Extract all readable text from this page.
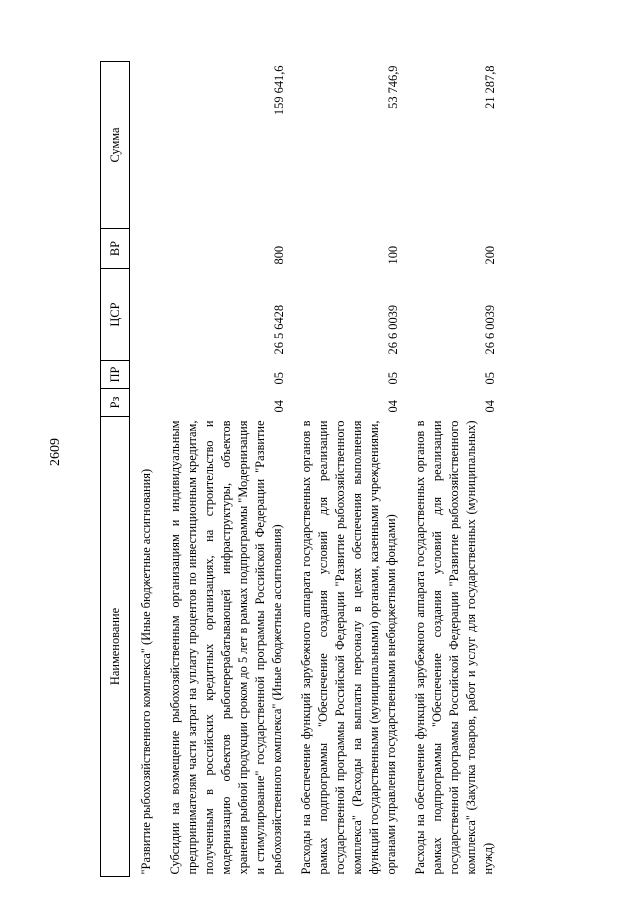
2609
Наименование	Рз	ПР	ЦСР	ВР	Сумма
"Развитие рыбохозяйственного комплекса" (Иные бюджетные ассигнования)					
Субсидии на возмещение рыбохозяйственным организациям и индивидуальным предпринимателям части затрат на уплату процентов по инвестиционным кредитам, полученным в российских кредитных организациях, на строительство и модернизацию объектов рыбоперерабатывающей инфраструктуры, объектов хранения рыбной продукции сроком до 5 лет в рамках подпрограммы "Модернизация и стимулирование" государственной программы Российской Федерации "Развитие рыбохозяйственного комплекса" (Иные бюджетные ассигнования)	04	05	26 5 6428	800	159 641,6
Расходы на обеспечение функций зарубежного аппарата государственных органов в рамках подпрограммы "Обеспечение создания условий для реализации государственной программы Российской Федерации "Развитие рыбохозяйственного комплекса" (Расходы на выплаты персоналу в целях обеспечения выполнения функций государственными (муниципальными) органами, казенными учреждениями, органами управления государственными внебюджетными фондами)	04	05	26 6 0039	100	53 746,9
Расходы на обеспечение функций зарубежного аппарата государственных органов в рамках подпрограммы "Обеспечение создания условий для реализации государственной программы Российской Федерации "Развитие рыбохозяйственного комплекса" (Закупка товаров, работ и услуг для государственных (муниципальных) нужд)	04	05	26 6 0039	200	21 287,8
